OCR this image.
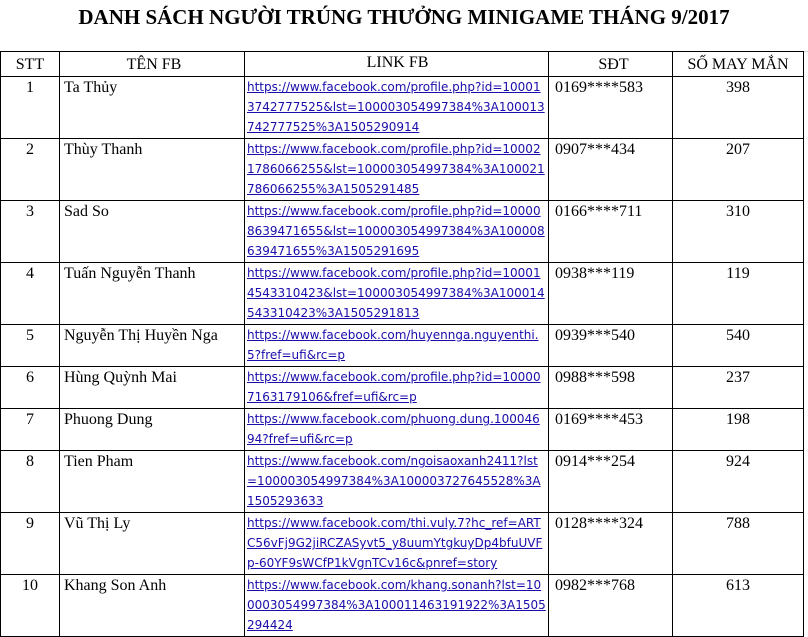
DANH SÁCH NGƯỜI TRÚNG THƯỞNG MINIGAME THÁNG 9/2017
STT	TÊN FB	LINK FB	SĐT	SỐ MAY MẮN
1	Ta Thủy	https://www.facebook.com/profile.php?id=100013742777525&lst=100003054997384%3A100013742777525%3A1505290914	0169****583	398
2	Thùy Thanh	https://www.facebook.com/profile.php?id=100021786066255&lst=100003054997384%3A100021786066255%3A1505291485	0907***434	207
3	Sad So	https://www.facebook.com/profile.php?id=100008639471655&lst=100003054997384%3A100008639471655%3A1505291695	0166****711	310
4	Tuấn Nguyễn Thanh	https://www.facebook.com/profile.php?id=100014543310423&lst=100003054997384%3A100014543310423%3A1505291813	0938***119	119
5	Nguyễn Thị Huyền Nga	https://www.facebook.com/huyennga.nguyenthi.5?fref=ufi&rc=p	0939***540	540
6	Hùng Quỳnh Mai	https://www.facebook.com/profile.php?id=100007163179106&fref=ufi&rc=p	0988***598	237
7	Phuong Dung	https://www.facebook.com/phuong.dung.10004694?fref=ufi&rc=p	0169****453	198
8	Tien Pham	https://www.facebook.com/ngoisaoxanh2411?lst=100003054997384%3A100003727645528%3A1505293633	0914***254	924
9	Vũ Thị Ly	https://www.facebook.com/thi.vuly.7?hc_ref=ARTC56vFj9G2jiRCZASyvt5_y8uumYtgkuyDp4bfuUVFp-60YF9sWCfP1kVgnTCv16c&pnref=story	0128****324	788
10	Khang Son Anh	https://www.facebook.com/khang.sonanh?lst=100003054997384%3A100011463191922%3A1505294424	0982***768	613
